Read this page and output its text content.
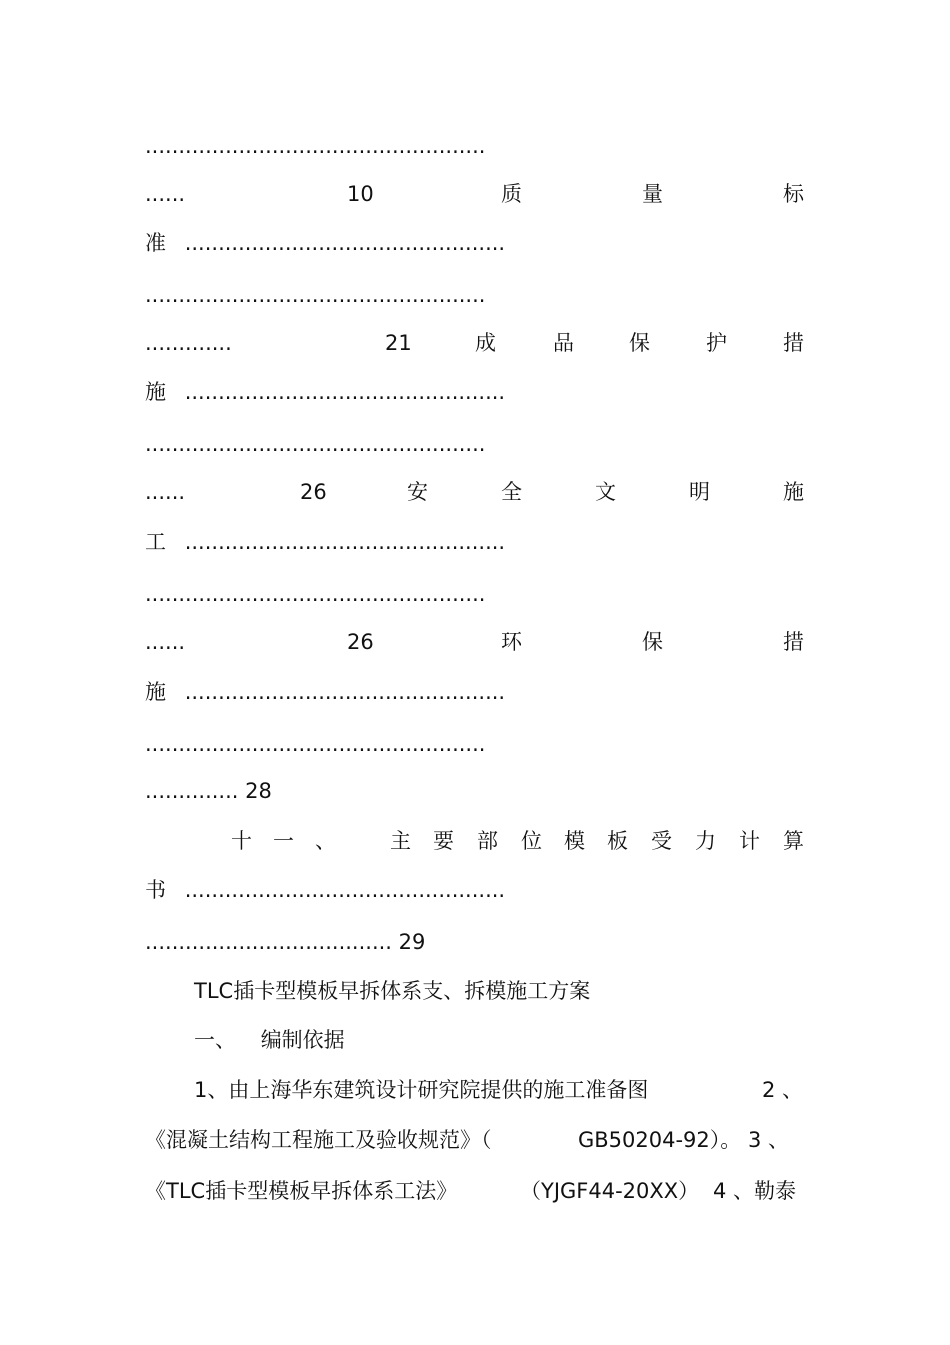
...................................................
......	10	质	量	标
准 ................................................
...................................................
.............	21	成	品	保	护	措
施 ................................................
...................................................
......	26	安	全	文	明	施
工 ................................................
...................................................
......	26	环	保	措
施 ................................................
...................................................
.............. 28
十 一 、	主 要 部 位 模 板 受 力 计 算
书 ................................................
..................................... 29
TLC插卡型模板早拆体系支、拆模施工方案
一、 编制依据
1、由上海华东建筑设计研究院提供的施工准备图	2 、
《混凝土结构工程施工及验收规范》（	GB50204-92）。 3 、
《TLC插卡型模板早拆体系工法》	（YJGF44-20XX） 4 、勒泰
